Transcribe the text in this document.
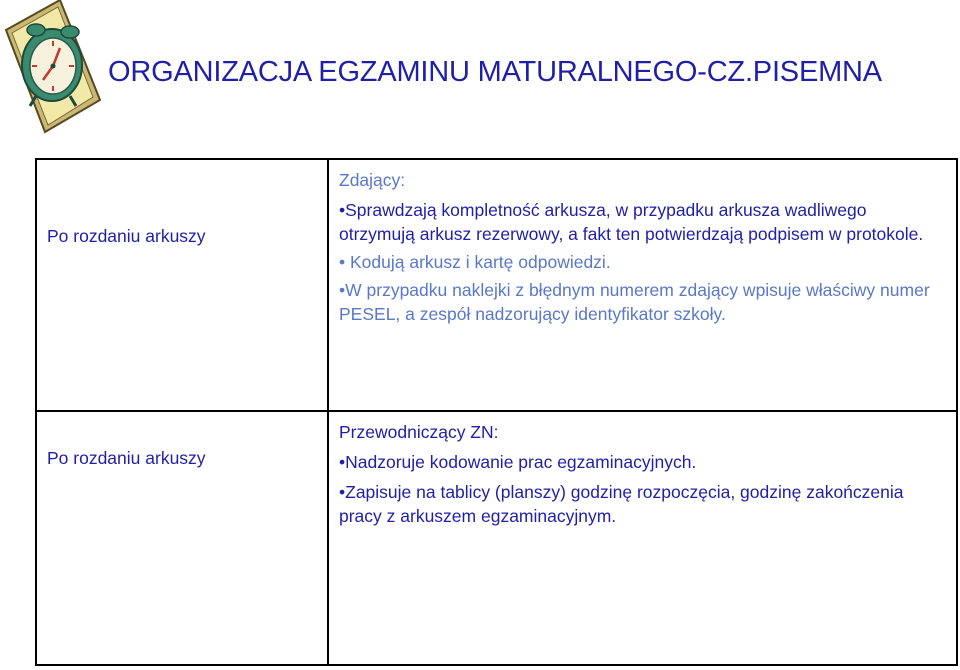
ORGANIZACJA EGZAMINU MATURALNEGO-CZ.PISEMNA
Po rozdaniu arkuszy	Zdający:
•Sprawdzają kompletność arkusza, w przypadku arkusza wadliwego otrzymują arkusz rezerwowy, a fakt ten potwierdzają podpisem w protokole.
• Kodują arkusz i kartę odpowiedzi.
•W przypadku naklejki z błędnym numerem zdający wpisuje właściwy numer PESEL, a zespół nadzorujący identyfikator szkoły.

Po rozdaniu arkuszy	Przewodniczący ZN:
•Nadzoruje kodowanie prac egzaminacyjnych.
•Zapisuje na tablicy (planszy) godzinę rozpoczęcia, godzinę zakończenia pracy z arkuszem egzaminacyjnym.
